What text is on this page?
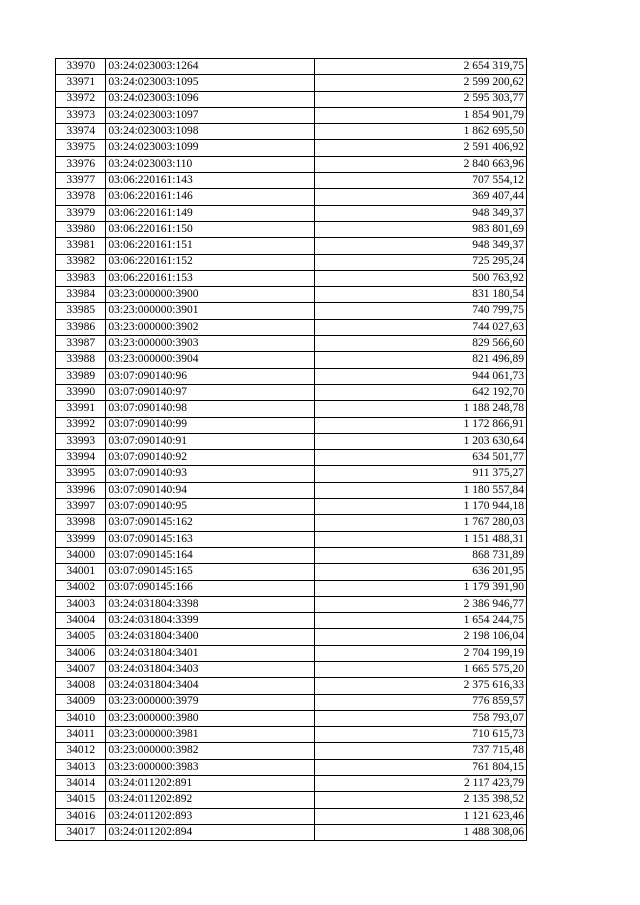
33970	03:24:023003:1264	2 654 319,75
33971	03:24:023003:1095	2 599 200,62
33972	03:24:023003:1096	2 595 303,77
33973	03:24:023003:1097	1 854 901,79
33974	03:24:023003:1098	1 862 695,50
33975	03:24:023003:1099	2 591 406,92
33976	03:24:023003:110	2 840 663,96
33977	03:06:220161:143	707 554,12
33978	03:06:220161:146	369 407,44
33979	03:06:220161:149	948 349,37
33980	03:06:220161:150	983 801,69
33981	03:06:220161:151	948 349,37
33982	03:06:220161:152	725 295,24
33983	03:06:220161:153	500 763,92
33984	03:23:000000:3900	831 180,54
33985	03:23:000000:3901	740 799,75
33986	03:23:000000:3902	744 027,63
33987	03:23:000000:3903	829 566,60
33988	03:23:000000:3904	821 496,89
33989	03:07:090140:96	944 061,73
33990	03:07:090140:97	642 192,70
33991	03:07:090140:98	1 188 248,78
33992	03:07:090140:99	1 172 866,91
33993	03:07:090140:91	1 203 630,64
33994	03:07:090140:92	634 501,77
33995	03:07:090140:93	911 375,27
33996	03:07:090140:94	1 180 557,84
33997	03:07:090140:95	1 170 944,18
33998	03:07:090145:162	1 767 280,03
33999	03:07:090145:163	1 151 488,31
34000	03:07:090145:164	868 731,89
34001	03:07:090145:165	636 201,95
34002	03:07:090145:166	1 179 391,90
34003	03:24:031804:3398	2 386 946,77
34004	03:24:031804:3399	1 654 244,75
34005	03:24:031804:3400	2 198 106,04
34006	03:24:031804:3401	2 704 199,19
34007	03:24:031804:3403	1 665 575,20
34008	03:24:031804:3404	2 375 616,33
34009	03:23:000000:3979	776 859,57
34010	03:23:000000:3980	758 793,07
34011	03:23:000000:3981	710 615,73
34012	03:23:000000:3982	737 715,48
34013	03:23:000000:3983	761 804,15
34014	03:24:011202:891	2 117 423,79
34015	03:24:011202:892	2 135 398,52
34016	03:24:011202:893	1 121 623,46
34017	03:24:011202:894	1 488 308,06
